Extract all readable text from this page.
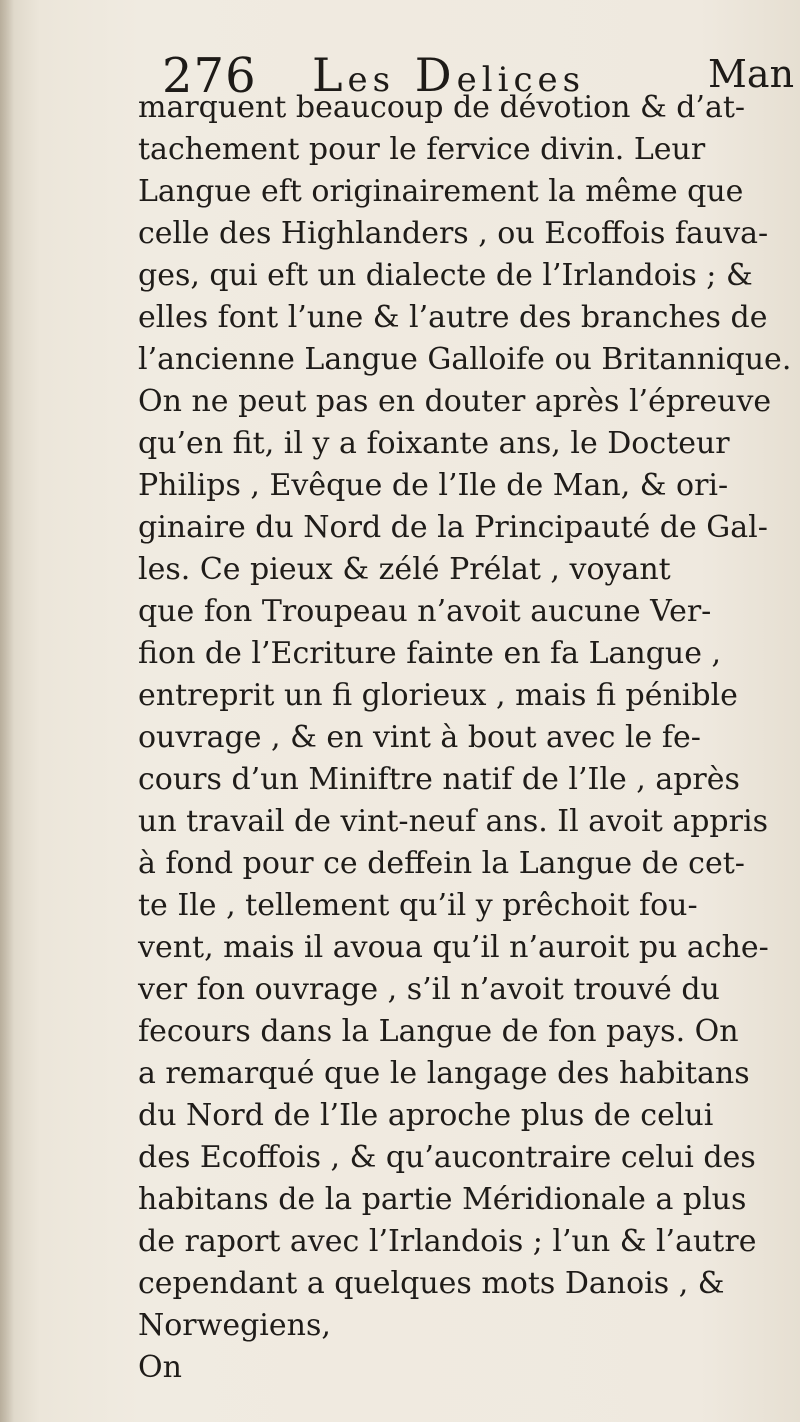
276 Les Delices	Man
marquent beaucoup de dévotion & d’at-
tachement pour le fervice divin. Leur
Langue eft originairement la même que
celle des Highlanders , ou Ecoffois fauva-
ges, qui eft un dialecte de l’Irlandois ; &
elles font l’une & l’autre des branches de
l’ancienne Langue Galloife ou Britannique.
On ne peut pas en douter après l’épreuve
qu’en fit, il y a foixante ans, le Docteur
Philips , Evêque de l’Ile de Man, & ori-
ginaire du Nord de la Principauté de Gal-
les. Ce pieux & zélé Prélat , voyant
que fon Troupeau n’avoit aucune Ver-
fion de l’Ecriture fainte en fa Langue ,
entreprit un fi glorieux , mais fi pénible
ouvrage , & en vint à bout avec le fe-
cours d’un Miniftre natif de l’Ile , après
un travail de vint-neuf ans. Il avoit appris
à fond pour ce deffein la Langue de cet-
te Ile , tellement qu’il y prêchoit fou-
vent, mais il avoua qu’il n’auroit pu ache-
ver fon ouvrage , s’il n’avoit trouvé du
fecours dans la Langue de fon pays. On
a remarqué que le langage des habitans
du Nord de l’Ile aproche plus de celui
des Ecoffois , & qu’aucontraire celui des
habitans de la partie Méridionale a plus
de raport avec l’Irlandois ; l’un & l’autre
cependant a quelques mots Danois , &
Norwegiens,
On
